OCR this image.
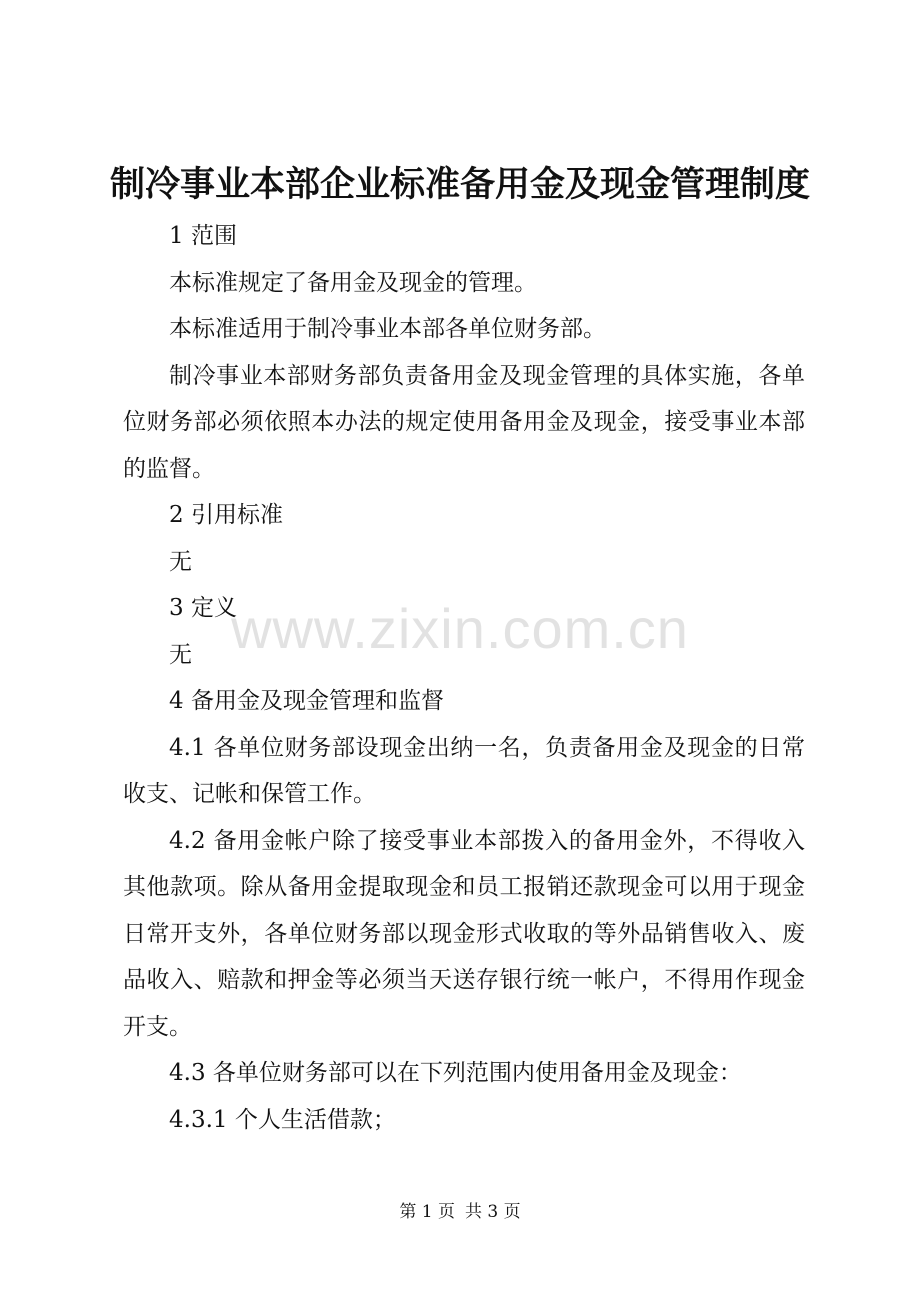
制冷事业本部企业标准备用金及现金管理制度

1 范围

本标准规定了备用金及现金的管理。

本标准适用于制冷事业本部各单位财务部。

制冷事业本部财务部负责备用金及现金管理的具体实施，各单位财务部必须依照本办法的规定使用备用金及现金，接受事业本部的监督。

2 引用标准

无

3 定义

无

4 备用金及现金管理和监督

4.1 各单位财务部设现金出纳一名，负责备用金及现金的日常收支、记帐和保管工作。

4.2 备用金帐户除了接受事业本部拨入的备用金外，不得收入其他款项。除从备用金提取现金和员工报销还款现金可以用于现金日常开支外，各单位财务部以现金形式收取的等外品销售收入、废品收入、赔款和押金等必须当天送存银行统一帐户，不得用作现金开支。

4.3 各单位财务部可以在下列范围内使用备用金及现金：

4.3.1 个人生活借款；

www.zixin.com.cn
第 1 页 共 3 页
